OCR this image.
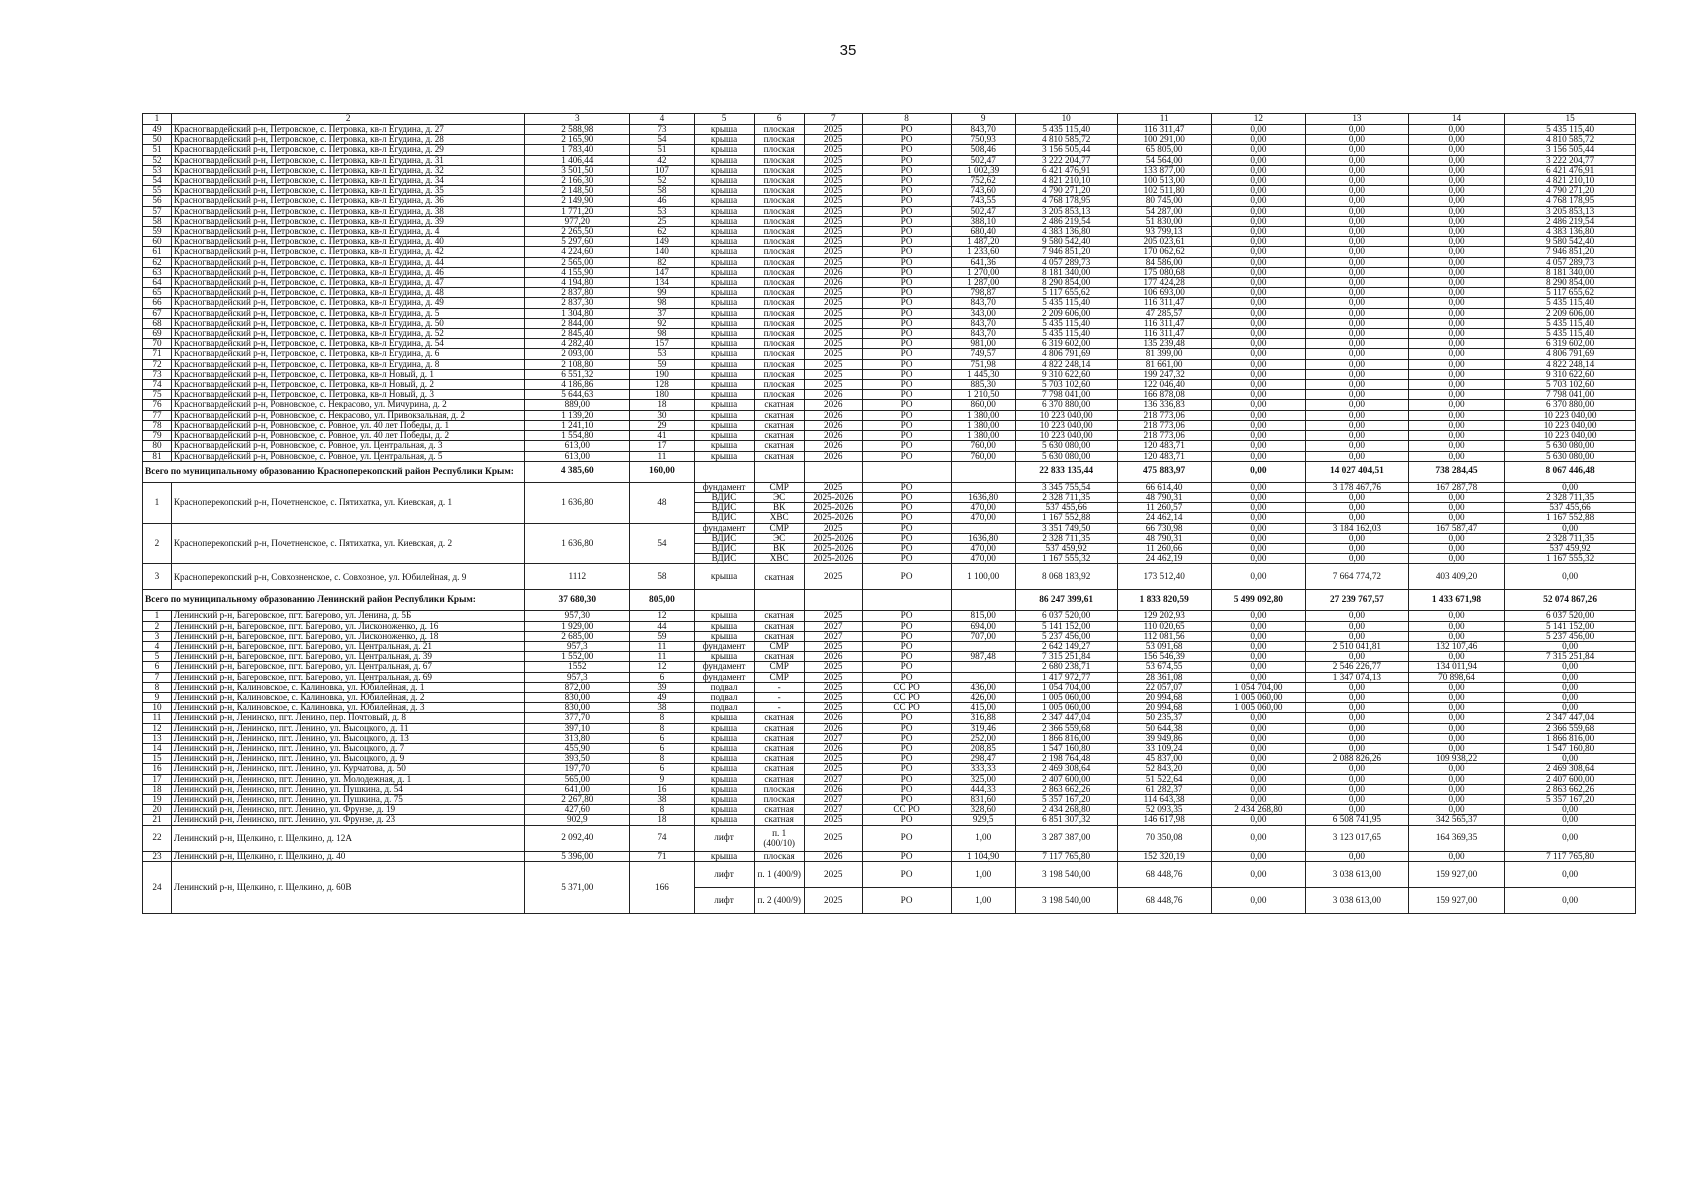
35
1	2	3	4	5	6	7	8	9	10	11	12	13	14	15
49	Красногвардейский р-н, Петровское, с. Петровка, кв-л Егудина, д. 27	2 588,98	73	крыша	плоская	2025	РО	843,70	5 435 115,40	116 311,47	0,00	0,00	0,00	5 435 115,40
50	Красногвардейский р-н, Петровское, с. Петровка, кв-л Егудина, д. 28	2 165,90	54	крыша	плоская	2025	РО	750,93	4 810 585,72	100 291,00	0,00	0,00	0,00	4 810 585,72
51	Красногвардейский р-н, Петровское, с. Петровка, кв-л Егудина, д. 29	1 783,40	51	крыша	плоская	2025	РО	508,46	3 156 505,44	65 805,00	0,00	0,00	0,00	3 156 505,44
52	Красногвардейский р-н, Петровское, с. Петровка, кв-л Егудина, д. 31	1 406,44	42	крыша	плоская	2025	РО	502,47	3 222 204,77	54 564,00	0,00	0,00	0,00	3 222 204,77
53	Красногвардейский р-н, Петровское, с. Петровка, кв-л Егудина, д. 32	3 501,50	107	крыша	плоская	2025	РО	1 002,39	6 421 476,91	133 877,00	0,00	0,00	0,00	6 421 476,91
54	Красногвардейский р-н, Петровское, с. Петровка, кв-л Егудина, д. 34	2 166,30	52	крыша	плоская	2025	РО	752,62	4 821 210,10	100 513,00	0,00	0,00	0,00	4 821 210,10
55	Красногвардейский р-н, Петровское, с. Петровка, кв-л Егудина, д. 35	2 148,50	58	крыша	плоская	2025	РО	743,60	4 790 271,20	102 511,80	0,00	0,00	0,00	4 790 271,20
56	Красногвардейский р-н, Петровское, с. Петровка, кв-л Егудина, д. 36	2 149,90	46	крыша	плоская	2025	РО	743,55	4 768 178,95	80 745,00	0,00	0,00	0,00	4 768 178,95
57	Красногвардейский р-н, Петровское, с. Петровка, кв-л Егудина, д. 38	1 771,20	53	крыша	плоская	2025	РО	502,47	3 205 853,13	54 287,00	0,00	0,00	0,00	3 205 853,13
58	Красногвардейский р-н, Петровское, с. Петровка, кв-л Егудина, д. 39	977,20	25	крыша	плоская	2025	РО	388,10	2 486 219,54	51 830,00	0,00	0,00	0,00	2 486 219,54
59	Красногвардейский р-н, Петровское, с. Петровка, кв-л Егудина, д. 4	2 265,50	62	крыша	плоская	2025	РО	680,40	4 383 136,80	93 799,13	0,00	0,00	0,00	4 383 136,80
60	Красногвардейский р-н, Петровское, с. Петровка, кв-л Егудина, д. 40	5 297,60	149	крыша	плоская	2025	РО	1 487,20	9 580 542,40	205 023,61	0,00	0,00	0,00	9 580 542,40
61	Красногвардейский р-н, Петровское, с. Петровка, кв-л Егудина, д. 42	4 224,60	140	крыша	плоская	2025	РО	1 233,60	7 946 851,20	170 062,62	0,00	0,00	0,00	7 946 851,20
62	Красногвардейский р-н, Петровское, с. Петровка, кв-л Егудина, д. 44	2 565,00	82	крыша	плоская	2025	РО	641,36	4 057 289,73	84 586,00	0,00	0,00	0,00	4 057 289,73
63	Красногвардейский р-н, Петровское, с. Петровка, кв-л Егудина, д. 46	4 155,90	147	крыша	плоская	2026	РО	1 270,00	8 181 340,00	175 080,68	0,00	0,00	0,00	8 181 340,00
64	Красногвардейский р-н, Петровское, с. Петровка, кв-л Егудина, д. 47	4 194,80	134	крыша	плоская	2026	РО	1 287,00	8 290 854,00	177 424,28	0,00	0,00	0,00	8 290 854,00
65	Красногвардейский р-н, Петровское, с. Петровка, кв-л Егудина, д. 48	2 837,80	99	крыша	плоская	2025	РО	798,87	5 117 655,62	106 693,00	0,00	0,00	0,00	5 117 655,62
66	Красногвардейский р-н, Петровское, с. Петровка, кв-л Егудина, д. 49	2 837,30	98	крыша	плоская	2025	РО	843,70	5 435 115,40	116 311,47	0,00	0,00	0,00	5 435 115,40
67	Красногвардейский р-н, Петровское, с. Петровка, кв-л Егудина, д. 5	1 304,80	37	крыша	плоская	2025	РО	343,00	2 209 606,00	47 285,57	0,00	0,00	0,00	2 209 606,00
68	Красногвардейский р-н, Петровское, с. Петровка, кв-л Егудина, д. 50	2 844,00	92	крыша	плоская	2025	РО	843,70	5 435 115,40	116 311,47	0,00	0,00	0,00	5 435 115,40
69	Красногвардейский р-н, Петровское, с. Петровка, кв-л Егудина, д. 52	2 845,40	98	крыша	плоская	2025	РО	843,70	5 435 115,40	116 311,47	0,00	0,00	0,00	5 435 115,40
70	Красногвардейский р-н, Петровское, с. Петровка, кв-л Егудина, д. 54	4 282,40	157	крыша	плоская	2025	РО	981,00	6 319 602,00	135 239,48	0,00	0,00	0,00	6 319 602,00
71	Красногвардейский р-н, Петровское, с. Петровка, кв-л Егудина, д. 6	2 093,00	53	крыша	плоская	2025	РО	749,57	4 806 791,69	81 399,00	0,00	0,00	0,00	4 806 791,69
72	Красногвардейский р-н, Петровское, с. Петровка, кв-л Егудина, д. 8	2 108,80	59	крыша	плоская	2025	РО	751,98	4 822 248,14	81 661,00	0,00	0,00	0,00	4 822 248,14
73	Красногвардейский р-н, Петровское, с. Петровка, кв-л Новый, д. 1	6 551,32	190	крыша	плоская	2025	РО	1 445,30	9 310 622,60	199 247,32	0,00	0,00	0,00	9 310 622,60
74	Красногвардейский р-н, Петровское, с. Петровка, кв-л Новый, д. 2	4 186,86	128	крыша	плоская	2025	РО	885,30	5 703 102,60	122 046,40	0,00	0,00	0,00	5 703 102,60
75	Красногвардейский р-н, Петровское, с. Петровка, кв-л Новый, д. 3	5 644,63	180	крыша	плоская	2026	РО	1 210,50	7 798 041,00	166 878,08	0,00	0,00	0,00	7 798 041,00
76	Красногвардейский р-н, Ровновское, с. Некрасово, ул. Мичурина, д. 2	889,00	18	крыша	скатная	2026	РО	860,00	6 370 880,00	136 336,83	0,00	0,00	0,00	6 370 880,00
77	Красногвардейский р-н, Ровновское, с. Некрасово, ул. Привокзальная, д. 2	1 139,20	30	крыша	скатная	2026	РО	1 380,00	10 223 040,00	218 773,06	0,00	0,00	0,00	10 223 040,00
78	Красногвардейский р-н, Ровновское, с. Ровное, ул. 40 лет Победы, д. 1	1 241,10	29	крыша	скатная	2026	РО	1 380,00	10 223 040,00	218 773,06	0,00	0,00	0,00	10 223 040,00
79	Красногвардейский р-н, Ровновское, с. Ровное, ул. 40 лет Победы, д. 2	1 554,80	41	крыша	скатная	2026	РО	1 380,00	10 223 040,00	218 773,06	0,00	0,00	0,00	10 223 040,00
80	Красногвардейский р-н, Ровновское, с. Ровное, ул. Центральная, д. 3	613,00	17	крыша	скатная	2026	РО	760,00	5 630 080,00	120 483,71	0,00	0,00	0,00	5 630 080,00
81	Красногвардейский р-н, Ровновское, с. Ровное, ул. Центральная, д. 5	613,00	11	крыша	скатная	2026	РО	760,00	5 630 080,00	120 483,71	0,00	0,00	0,00	5 630 080,00
Всего по муниципальному образованию Красноперекопский район Республики Крым:		4 385,60	160,00						22 833 135,44	475 883,97	0,00	14 027 404,51	738 284,45	8 067 446,48
1	Красноперекопский р-н, Почетненское, с. Пятихатка, ул. Киевская, д. 1	1 636,80	48	фундамент	СМР	2025	РО		3 345 755,54	66 614,40	0,00	3 178 467,76	167 287,78	0,00
				ВДИС	ЭС	2025-2026	РО	1636,80	2 328 711,35	48 790,31	0,00	0,00	0,00	2 328 711,35
				ВДИС	ВК	2025-2026	РО	470,00	537 455,66	11 260,57	0,00	0,00	0,00	537 455,66
				ВДИС	ХВС	2025-2026	РО	470,00	1 167 552,88	24 462,14	0,00	0,00	0,00	1 167 552,88
2	Красноперекопский р-н, Почетненское, с. Пятихатка, ул. Киевская, д. 2	1 636,80	54	фундамент	СМР	2025	РО		3 351 749,50	66 730,98	0,00	3 184 162,03	167 587,47	0,00
				ВДИС	ЭС	2025-2026	РО	1636,80	2 328 711,35	48 790,31	0,00	0,00	0,00	2 328 711,35
				ВДИС	ВК	2025-2026	РО	470,00	537 459,92	11 260,66	0,00	0,00	0,00	537 459,92
				ВДИС	ХВС	2025-2026	РО	470,00	1 167 555,32	24 462,19	0,00	0,00	0,00	1 167 555,32
3	Красноперекопский р-н, Совхозненское, с. Совхозное, ул. Юбилейная, д. 9	1112	58	крыша	скатная	2025	РО	1 100,00	8 068 183,92	173 512,40	0,00	7 664 774,72	403 409,20	0,00
Всего по муниципальному образованию Ленинский район Республики Крым:		37 680,30	805,00						86 247 399,61	1 833 820,59	5 499 092,80	27 239 767,57	1 433 671,98	52 074 867,26
1	Ленинский р-н, Багеровское, пгт. Багерово, ул. Ленина, д. 5Б	957,30	12	крыша	скатная	2025	РО	815,00	6 037 520,00	129 202,93	0,00	0,00	0,00	6 037 520,00
2	Ленинский р-н, Багеровское, пгт. Багерово, ул. Лисконоженко, д. 16	1 929,00	44	крыша	скатная	2027	РО	694,00	5 141 152,00	110 020,65	0,00	0,00	0,00	5 141 152,00
3	Ленинский р-н, Багеровское, пгт. Багерово, ул. Лисконоженко, д. 18	2 685,00	59	крыша	скатная	2027	РО	707,00	5 237 456,00	112 081,56	0,00	0,00	0,00	5 237 456,00
4	Ленинский р-н, Багеровское, пгт. Багерово, ул. Центральная, д. 21	957,3	11	фундамент	СМР	2025	РО		2 642 149,27	53 091,68	0,00	2 510 041,81	132 107,46	0,00
5	Ленинский р-н, Багеровское, пгт. Багерово, ул. Центральная, д. 39	1 552,00	11	крыша	скатная	2026	РО	987,48	7 315 251,84	156 546,39	0,00	0,00	0,00	7 315 251,84
6	Ленинский р-н, Багеровское, пгт. Багерово, ул. Центральная, д. 67	1552	12	фундамент	СМР	2025	РО		2 680 238,71	53 674,55	0,00	2 546 226,77	134 011,94	0,00
7	Ленинский р-н, Багеровское, пгт. Багерово, ул. Центральная, д. 69	957,3	6	фундамент	СМР	2025	РО		1 417 972,77	28 361,08	0,00	1 347 074,13	70 898,64	0,00
8	Ленинский р-н, Калиновское, с. Калиновка, ул. Юбилейная, д. 1	872,00	39	подвал	-	2025	СС РО	436,00	1 054 704,00	22 057,07	1 054 704,00	0,00	0,00	0,00
9	Ленинский р-н, Калиновское, с. Калиновка, ул. Юбилейная, д. 2	830,00	49	подвал	-	2025	СС РО	426,00	1 005 060,00	20 994,68	1 005 060,00	0,00	0,00	0,00
10	Ленинский р-н, Калиновское, с. Калиновка, ул. Юбилейная, д. 3	830,00	38	подвал	-	2025	СС РО	415,00	1 005 060,00	20 994,68	1 005 060,00	0,00	0,00	0,00
11	Ленинский р-н, Ленинско, пгт. Ленино, пер. Почтовый, д. 8	377,70	8	крыша	скатная	2026	РО	316,88	2 347 447,04	50 235,37	0,00	0,00	0,00	2 347 447,04
12	Ленинский р-н, Ленинско, пгт. Ленино, ул. Высоцкого, д. 11	397,10	8	крыша	скатная	2026	РО	319,46	2 366 559,68	50 644,38	0,00	0,00	0,00	2 366 559,68
13	Ленинский р-н, Ленинско, пгт. Ленино, ул. Высоцкого, д. 13	313,80	6	крыша	скатная	2027	РО	252,00	1 866 816,00	39 949,86	0,00	0,00	0,00	1 866 816,00
14	Ленинский р-н, Ленинско, пгт. Ленино, ул. Высоцкого, д. 7	455,90	6	крыша	скатная	2026	РО	208,85	1 547 160,80	33 109,24	0,00	0,00	0,00	1 547 160,80
15	Ленинский р-н, Ленинско, пгт. Ленино, ул. Высоцкого, д. 9	393,50	8	крыша	скатная	2025	РО	298,47	2 198 764,48	45 837,00	0,00	2 088 826,26	109 938,22	0,00
16	Ленинский р-н, Ленинско, пгт. Ленино, ул. Курчатова, д. 50	197,70	6	крыша	скатная	2025	РО	333,33	2 469 308,64	52 843,20	0,00	0,00	0,00	2 469 308,64
17	Ленинский р-н, Ленинско, пгт. Ленино, ул. Молодежная, д. 1	565,00	9	крыша	скатная	2027	РО	325,00	2 407 600,00	51 522,64	0,00	0,00	0,00	2 407 600,00
18	Ленинский р-н, Ленинско, пгт. Ленино, ул. Пушкина, д. 54	641,00	16	крыша	плоская	2026	РО	444,33	2 863 662,26	61 282,37	0,00	0,00	0,00	2 863 662,26
19	Ленинский р-н, Ленинско, пгт. Ленино, ул. Пушкина, д. 75	2 267,80	38	крыша	плоская	2027	РО	831,60	5 357 167,20	114 643,38	0,00	0,00	0,00	5 357 167,20
20	Ленинский р-н, Ленинско, пгт. Ленино, ул. Фрунзе, д. 19	427,60	8	крыша	скатная	2027	СС РО	328,60	2 434 268,80	52 093,35	2 434 268,80	0,00	0,00	0,00
21	Ленинский р-н, Ленинско, пгт. Ленино, ул. Фрунзе, д. 23	902,9	18	крыша	скатная	2025	РО	929,5	6 851 307,32	146 617,98	0,00	6 508 741,95	342 565,37	0,00
22	Ленинский р-н, Щелкино, г. Щелкино, д. 12А	2 092,40	74	лифт	п. 1 (400/10)	2025	РО	1,00	3 287 387,00	70 350,08	0,00	3 123 017,65	164 369,35	0,00
23	Ленинский р-н, Щелкино, г. Щелкино, д. 40	5 396,00	71	крыша	плоская	2026	РО	1 104,90	7 117 765,80	152 320,19	0,00	0,00	0,00	7 117 765,80
24	Ленинский р-н, Щелкино, г. Щелкино, д. 60В	5 371,00	166	лифт	п. 1 (400/9)	2025	РО	1,00	3 198 540,00	68 448,76	0,00	3 038 613,00	159 927,00	0,00
				лифт	п. 2 (400/9)	2025	РО	1,00	3 198 540,00	68 448,76	0,00	3 038 613,00	159 927,00	0,00
